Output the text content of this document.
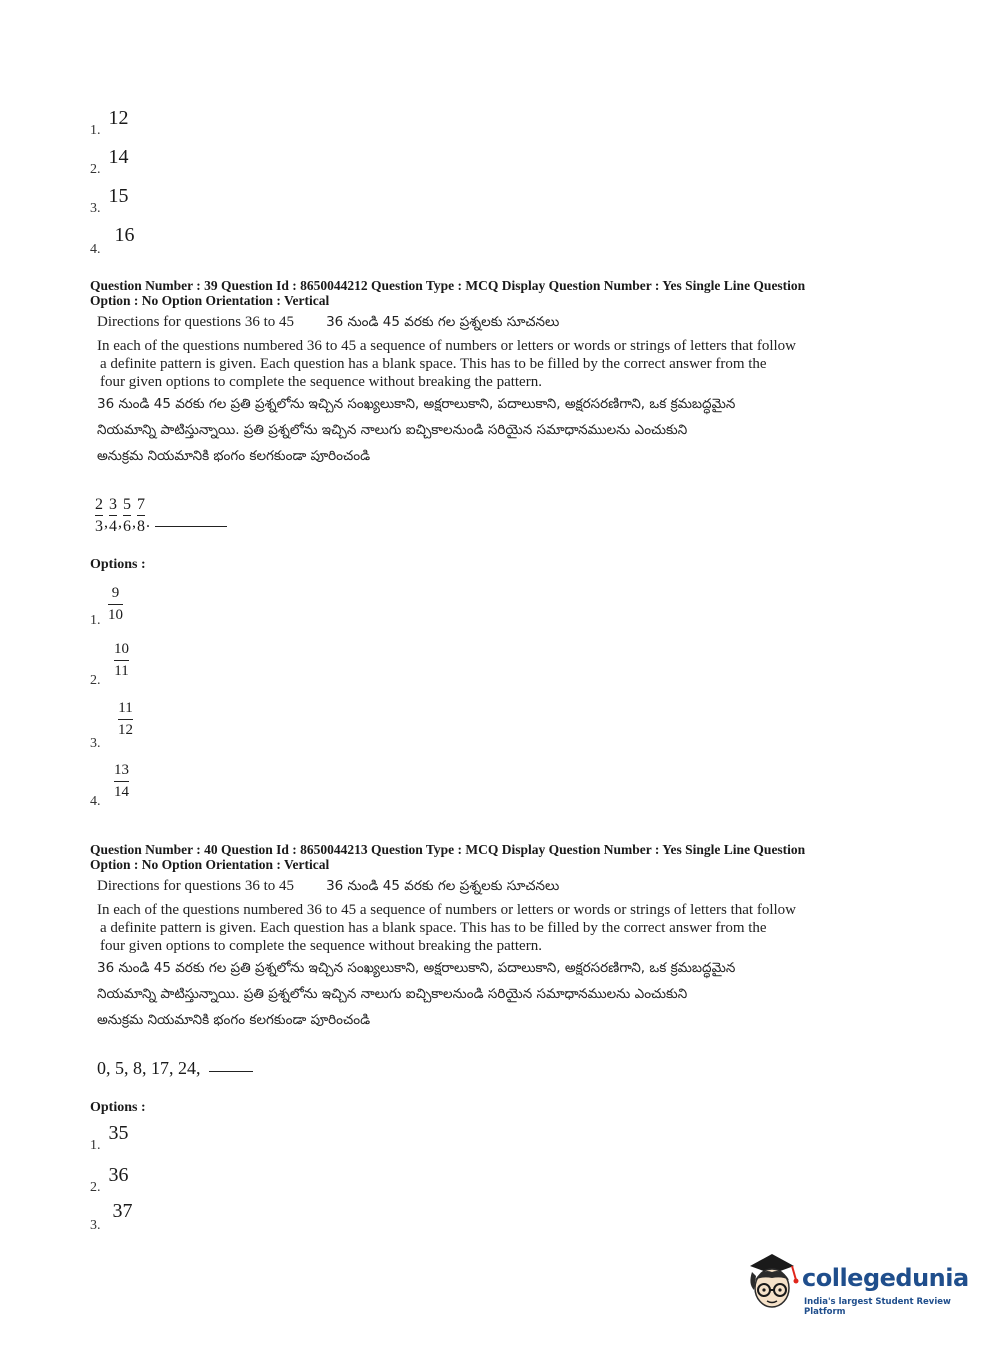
1. 12
2. 14
3. 15
4. 16
Question Number : 39 Question Id : 8650044212 Question Type : MCQ Display Question Number : Yes Single Line Question
Option : No Option Orientation : Vertical
Directions for questions 36 to 45 36 నుండి 45 వరకు గల ప్రశ్నలకు సూచనలు
In each of the questions numbered 36 to 45 a sequence of numbers or letters or words or strings of letters that follow
a definite pattern is given. Each question has a blank space. This has to be filled by the correct answer from the
four given options to complete the sequence without breaking the pattern.
36 నుండి 45 వరకు గల ప్రతి ప్రశ్నలోను ఇచ్చిన సంఖ్యలుకాని, అక్షరాలుకాని, పదాలుకాని, అక్షరసరణిగాని, ఒక క్రమబద్ధమైన
నియమాన్ని పాటిస్తున్నాయి. ప్రతి ప్రశ్నలోను ఇచ్చిన నాలుగు ఐచ్చికాలనుండి సరియైన సమాధానములను ఎంచుకుని
అనుక్రమ నియమానికి భంగం కలగకుండా పూరించండి
$\frac{2}{3}$ , $\frac{3}{4}$ , $\frac{5}{6}$ , $\frac{7}{8}$ .
Options :
1.
9
10
2.
10
11
3.
11
12
4.
13
14
Question Number : 40 Question Id : 8650044213 Question Type : MCQ Display Question Number : Yes Single Line Question
Option : No Option Orientation : Vertical
Directions for questions 36 to 45 36 నుండి 45 వరకు గల ప్రశ్నలకు సూచనలు
In each of the questions numbered 36 to 45 a sequence of numbers or letters or words or strings of letters that follow
a definite pattern is given. Each question has a blank space. This has to be filled by the correct answer from the
four given options to complete the sequence without breaking the pattern.
36 నుండి 45 వరకు గల ప్రతి ప్రశ్నలోను ఇచ్చిన సంఖ్యలుకాని, అక్షరాలుకాని, పదాలుకాని, అక్షరసరణిగాని, ఒక క్రమబద్ధమైన
నియమాన్ని పాటిస్తున్నాయి. ప్రతి ప్రశ్నలోను ఇచ్చిన నాలుగు ఐచ్చికాలనుండి సరియైన సమాధానములను ఎంచుకుని
అనుక్రమ నియమానికి భంగం కలగకుండా పూరించండి
0, 5, 8, 17, 24,
Options :
1. 35
2. 36
3. 37
collegedunia
India's largest Student Review Platform
